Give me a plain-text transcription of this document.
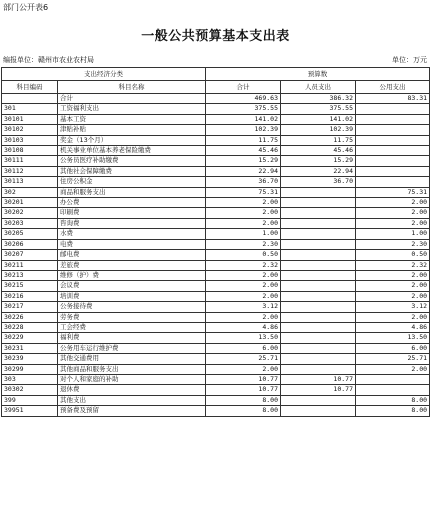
部门公开表6
一般公共预算基本支出表
编报单位：赣州市农业农村局	单位：万元
支出经济分类		预算数		
科目编码	科目名称	合计	人员支出	公用支出
	合计	469.63	386.32	83.31
301	工资福利支出	375.55	375.55	
30101	基本工资	141.02	141.02	
30102	津贴补贴	102.39	102.39	
30103	奖金（13个月）	11.75	11.75	
30108	机关事业单位基本养老保险缴费	45.46	45.46	
30111	公务员医疗补助缴费	15.29	15.29	
30112	其他社会保障缴费	22.94	22.94	
30113	住房公积金	36.70	36.70	
302	商品和服务支出	75.31		75.31
30201	办公费	2.00		2.00
30202	印刷费	2.00		2.00
30203	咨询费	2.00		2.00
30205	水费	1.00		1.00
30206	电费	2.30		2.30
30207	邮电费	0.50		0.50
30211	差旅费	2.32		2.32
30213	维修（护）费	2.00		2.00
30215	会议费	2.00		2.00
30216	培训费	2.00		2.00
30217	公务接待费	3.12		3.12
30226	劳务费	2.00		2.00
30228	工会经费	4.86		4.86
30229	福利费	13.50		13.50
30231	公务用车运行维护费	6.00		6.00
30239	其他交通费用	25.71		25.71
30299	其他商品和服务支出	2.00		2.00
303	对个人和家庭的补助	10.77	10.77	
30302	退休费	10.77	10.77	
399	其他支出	8.00		8.00
39951	预备费及预留	8.00		8.00
